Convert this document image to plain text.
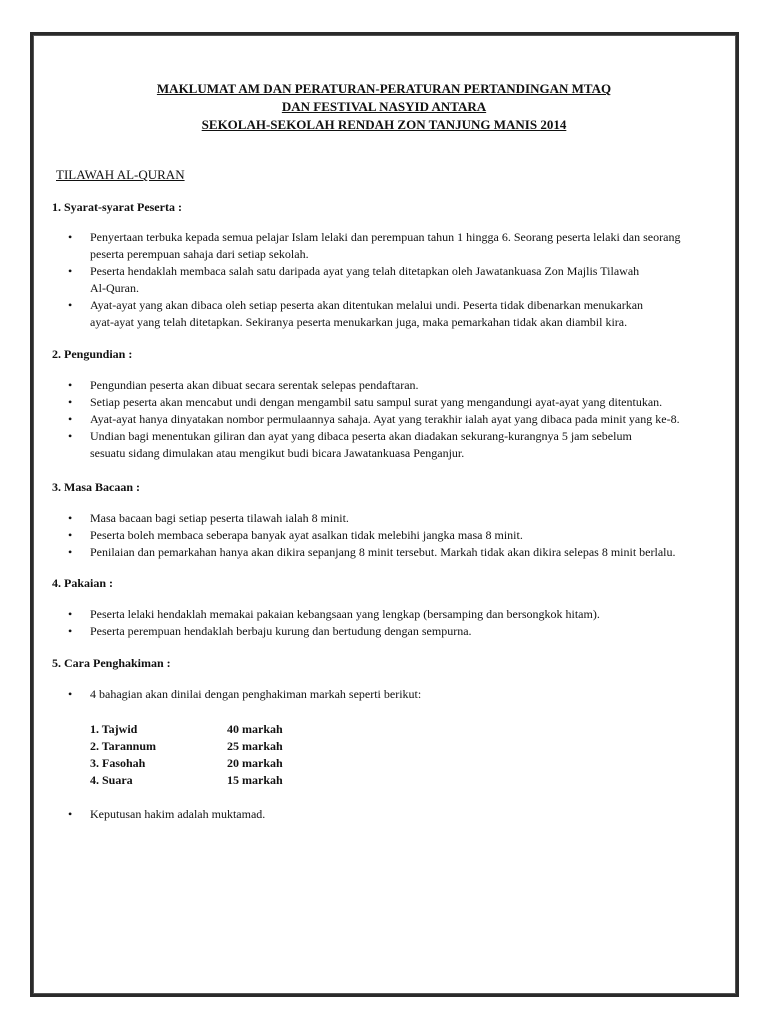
MAKLUMAT AM DAN PERATURAN-PERATURAN PERTANDINGAN MTAQ
DAN FESTIVAL NASYID ANTARA
SEKOLAH-SEKOLAH RENDAH ZON TANJUNG MANIS 2014
TILAWAH AL-QURAN
1. Syarat-syarat Peserta :
• Penyertaan terbuka kepada semua pelajar Islam lelaki dan perempuan tahun 1 hingga 6. Seorang peserta lelaki dan seorang
peserta perempuan sahaja dari setiap sekolah.
• Peserta hendaklah membaca salah satu daripada ayat yang telah ditetapkan oleh Jawatankuasa Zon Majlis Tilawah
Al-Quran.
• Ayat-ayat yang akan dibaca oleh setiap peserta akan ditentukan melalui undi. Peserta tidak dibenarkan menukarkan
ayat-ayat yang telah ditetapkan. Sekiranya peserta menukarkan juga, maka pemarkahan tidak akan diambil kira.
2. Pengundian :
• Pengundian peserta akan dibuat secara serentak selepas pendaftaran.
• Setiap peserta akan mencabut undi dengan mengambil satu sampul surat yang mengandungi ayat-ayat yang ditentukan.
• Ayat-ayat hanya dinyatakan nombor permulaannya sahaja. Ayat yang terakhir ialah ayat yang dibaca pada minit yang ke-8.
• Undian bagi menentukan giliran dan ayat yang dibaca peserta akan diadakan sekurang-kurangnya 5 jam sebelum
sesuatu sidang dimulakan atau mengikut budi bicara Jawatankuasa Penganjur.
3. Masa Bacaan :
• Masa bacaan bagi setiap peserta tilawah ialah 8 minit.
• Peserta boleh membaca seberapa banyak ayat asalkan tidak melebihi jangka masa 8 minit.
• Penilaian dan pemarkahan hanya akan dikira sepanjang 8 minit tersebut. Markah tidak akan dikira selepas 8 minit berlalu.
4. Pakaian :
• Peserta lelaki hendaklah memakai pakaian kebangsaan yang lengkap (bersamping dan bersongkok hitam).
• Peserta perempuan hendaklah berbaju kurung dan bertudung dengan sempurna.
5. Cara Penghakiman :
• 4 bahagian akan dinilai dengan penghakiman markah seperti berikut:
1. Tajwid	40 markah
2. Tarannum	25 markah
3. Fasohah	20 markah
4. Suara	15 markah
• Keputusan hakim adalah muktamad.
